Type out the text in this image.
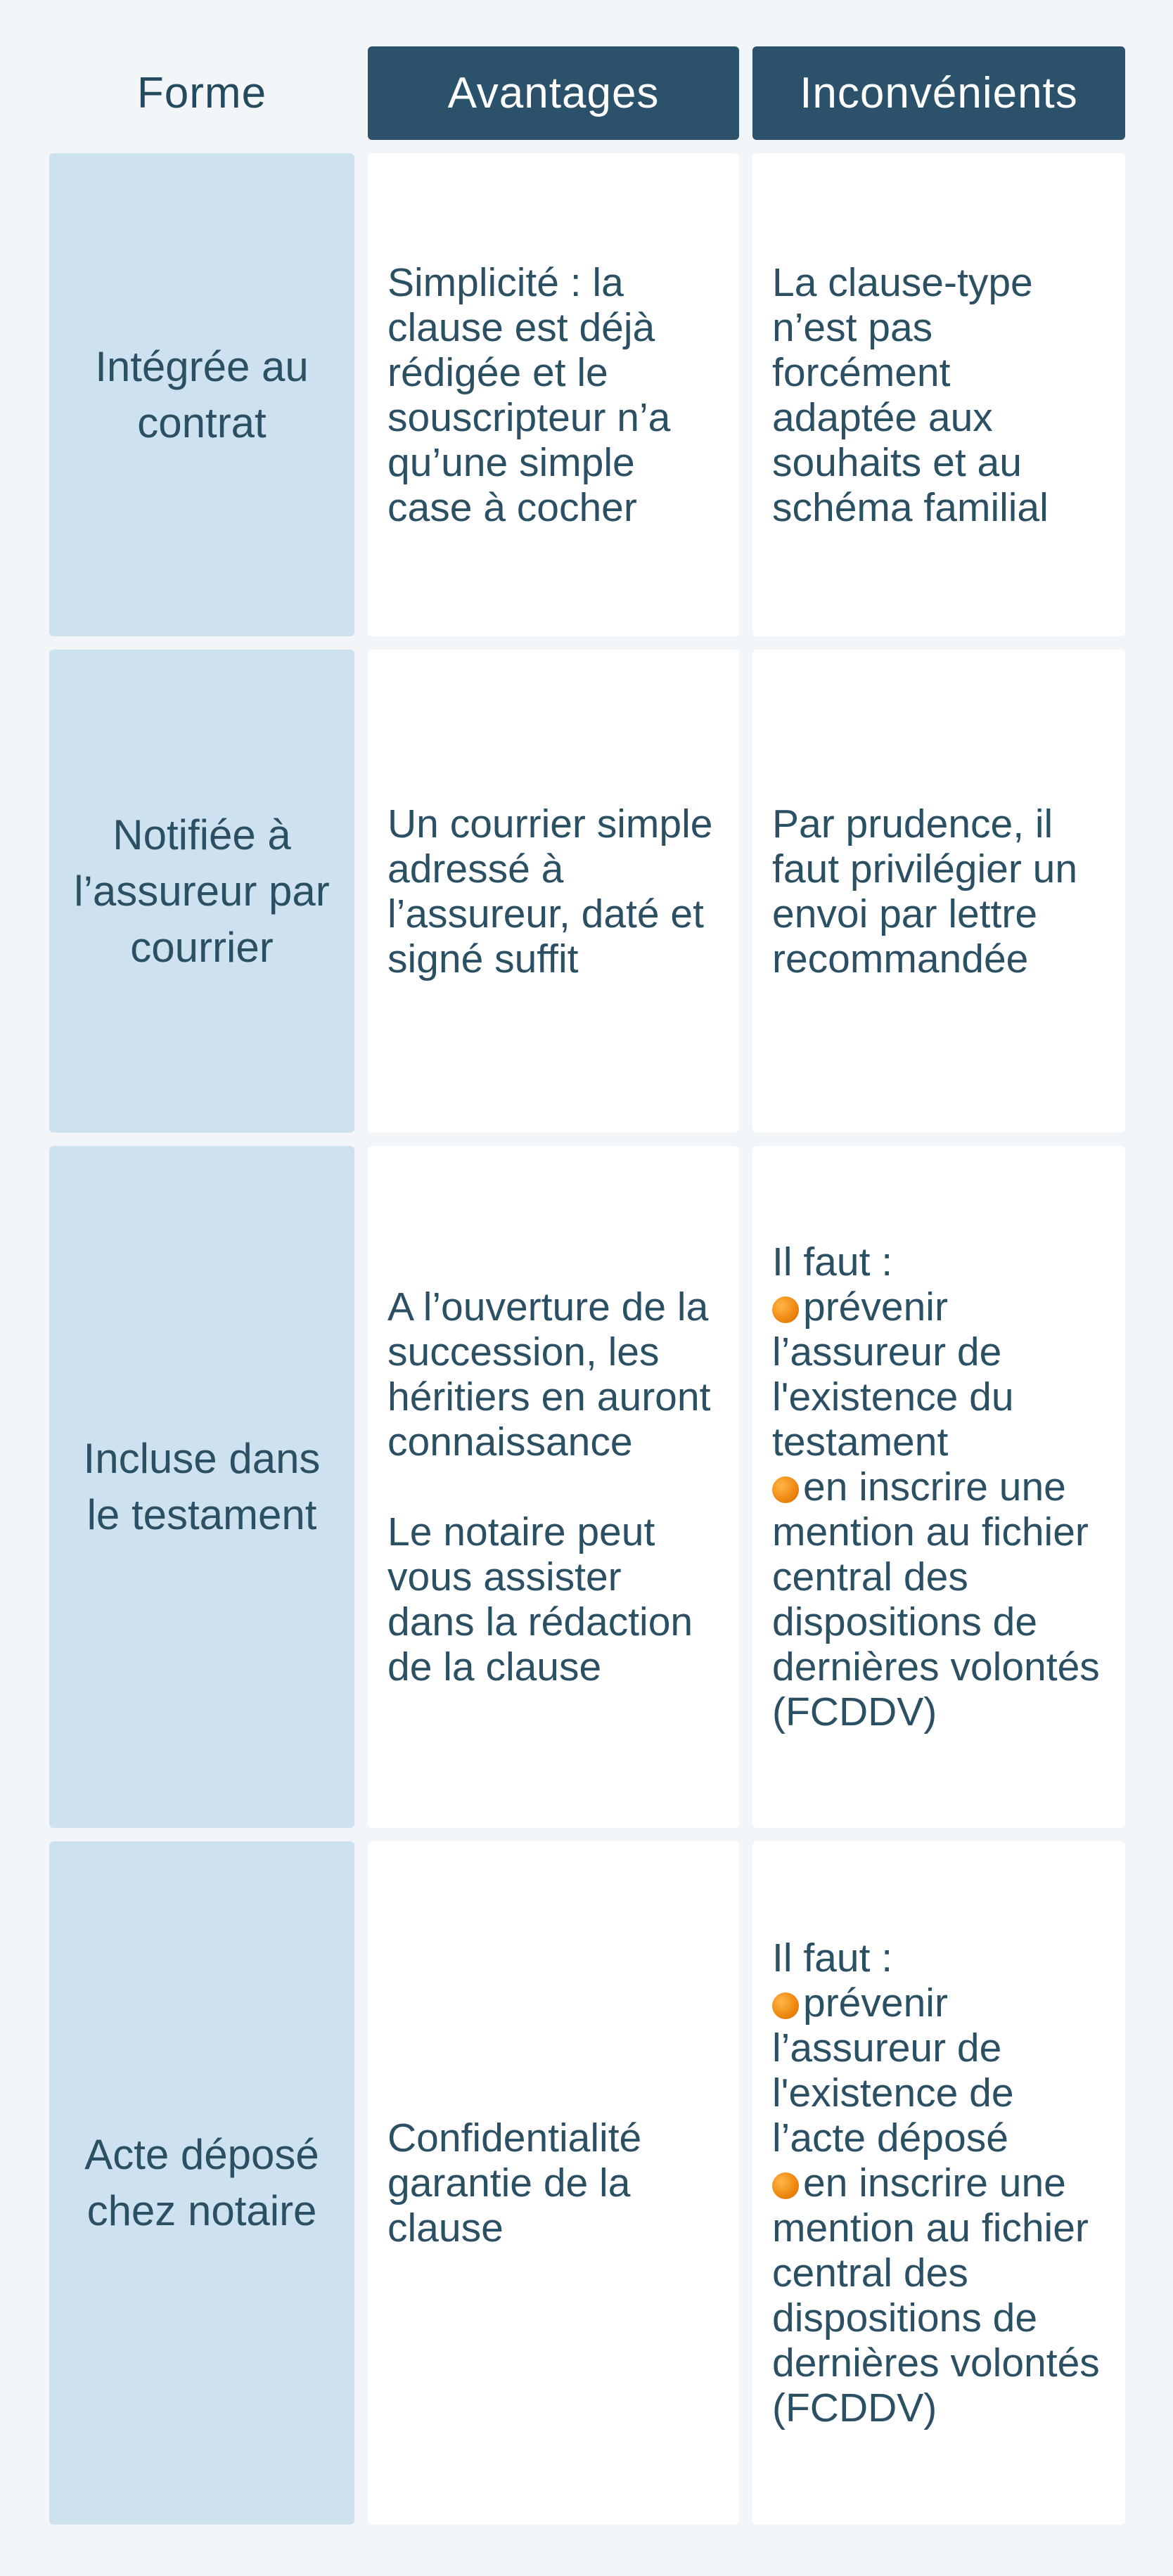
Forme	Avantages	Inconvénients
Intégrée au contrat

Simplicité : la clause est déjà rédigée et le souscripteur n’a qu’une simple case à cocher

La clause-type n’est pas forcément adaptée aux souhaits et au schéma familial

Notifiée à l’assureur par courrier

Un courrier simple adressé à l’assureur, daté et signé suffit

Par prudence, il faut privilégier un envoi par lettre recommandée

Incluse dans le testament

A l’ouverture de la succession, les héritiers en auront connaissance

Le notaire peut vous assister dans la rédaction de la clause

Il faut :
prévenir l’assureur de l'existence du testament
en inscrire une mention au fichier central des dispositions de dernières volontés (FCDDV)
Acte déposé chez notaire

Confidentialité garantie de la clause

Il faut :
prévenir l’assureur de l'existence de l’acte déposé
en inscrire une mention au fichier central des dispositions de dernières volontés (FCDDV)
